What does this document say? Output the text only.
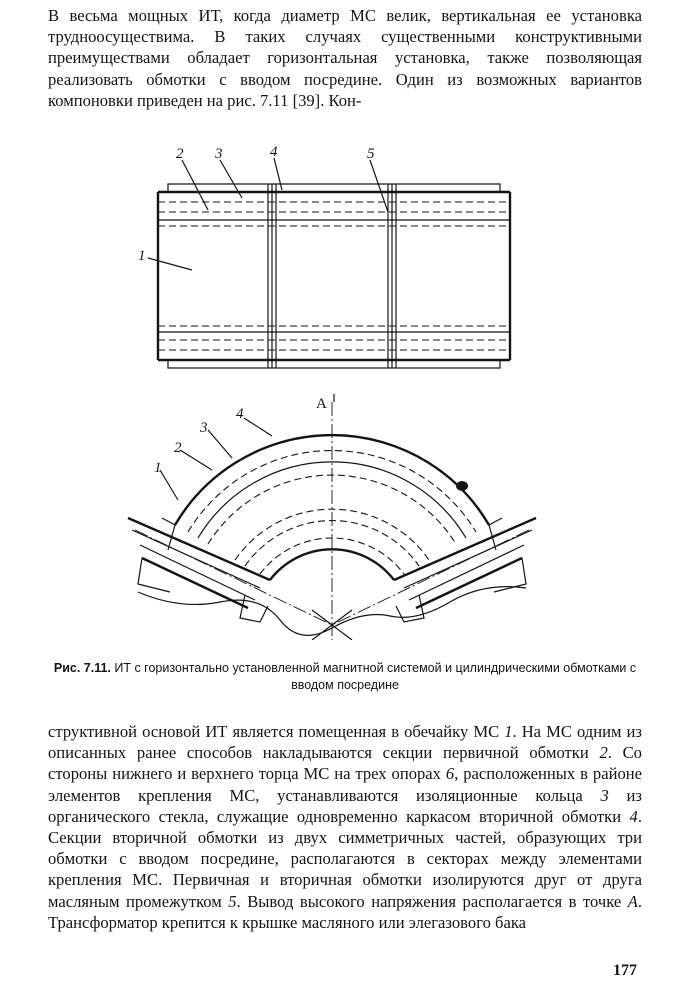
В весьма мощных ИТ, когда диаметр МС велик, вертикальная ее установка трудноосуществима. В таких случаях существенными конструктивными преимуществами обладает горизонтальная установка, также позволяющая реализовать обмотки с вводом посредине. Один из возможных вариантов компоновки приведен на рис. 7.11 [39]. Кон-

2 3	4	5
1
А
4
3
2
1

Рис. 7.11. ИТ с горизонтально установленной магнитной системой и цилиндрическими обмотками с вводом посредине

структивной основой ИТ является помещенная в обечайку МС 1. На МС одним из описанных ранее способов накладываются секции первичной обмотки 2. Со стороны нижнего и верхнего торца МС на трех опорах 6, расположенных в районе элементов крепления МС, устанавливаются изоляционные кольца 3 из органического стекла, служащие одновременно каркасом вторичной обмотки 4. Секции вторичной обмотки из двух симметричных частей, образующих три обмотки с вводом посредине, располагаются в секторах между элементами крепления МС. Первичная и вторичная обмотки изолируются друг от друга масляным промежутком 5. Вывод высокого напряжения располагается в точке А. Трансформатор крепится к крышке масляного или элегазового бака

177
